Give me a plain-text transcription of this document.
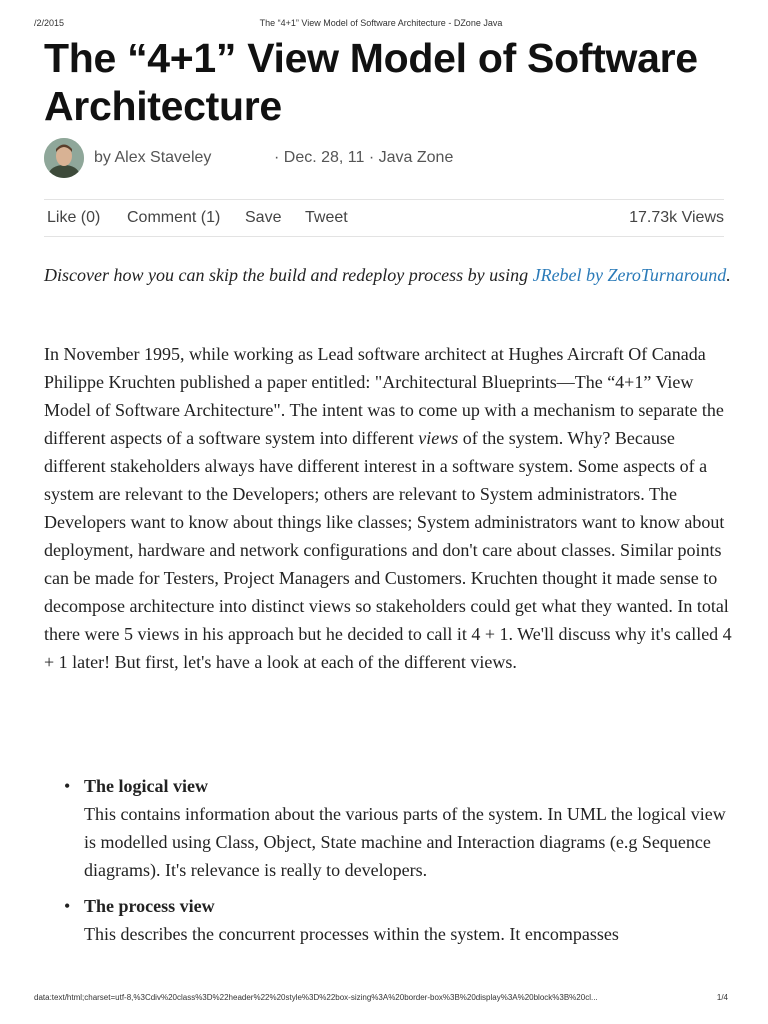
/2/2015	The “4+1” View Model of Software Architecture - DZone Java
The “4+1” View Model of Software Architecture
by Alex Staveley	· Dec. 28, 11 · Java Zone
Like (0) Comment (1) Save Tweet	17.73k Views

Discover how you can skip the build and redeploy process by using JRebel by ZeroTurnaround.

In November 1995, while working as Lead software architect at Hughes Aircraft Of Canada Philippe Kruchten published a paper entitled: "Architectural Blueprints—The “4+1” View Model of Software Architecture". The intent was to come up with a mechanism to separate the different aspects of a software system into different views of the system. Why? Because different stakeholders always have different interest in a software system. Some aspects of a system are relevant to the Developers; others are relevant to System administrators. The Developers want to know about things like classes; System administrators want to know about deployment, hardware and network configurations and don't care about classes. Similar points can be made for Testers, Project Managers and Customers. Kruchten thought it made sense to decompose architecture into distinct views so stakeholders could get what they wanted. In total there were 5 views in his approach but he decided to call it 4 + 1. We'll discuss why it's called 4 + 1 later! But first, let's have a look at each of the different views.

• The logical view
This contains information about the various parts of the system. In UML the logical view is modelled using Class, Object, State machine and Interaction diagrams (e.g Sequence diagrams). It's relevance is really to developers.
• The process view
This describes the concurrent processes within the system. It encompasses
data:text/html;charset=utf-8,%3Cdiv%20class%3D%22header%22%20style%3D%22box-sizing%3A%20border-box%3B%20display%3A%20block%3B%20cl...	1/4
